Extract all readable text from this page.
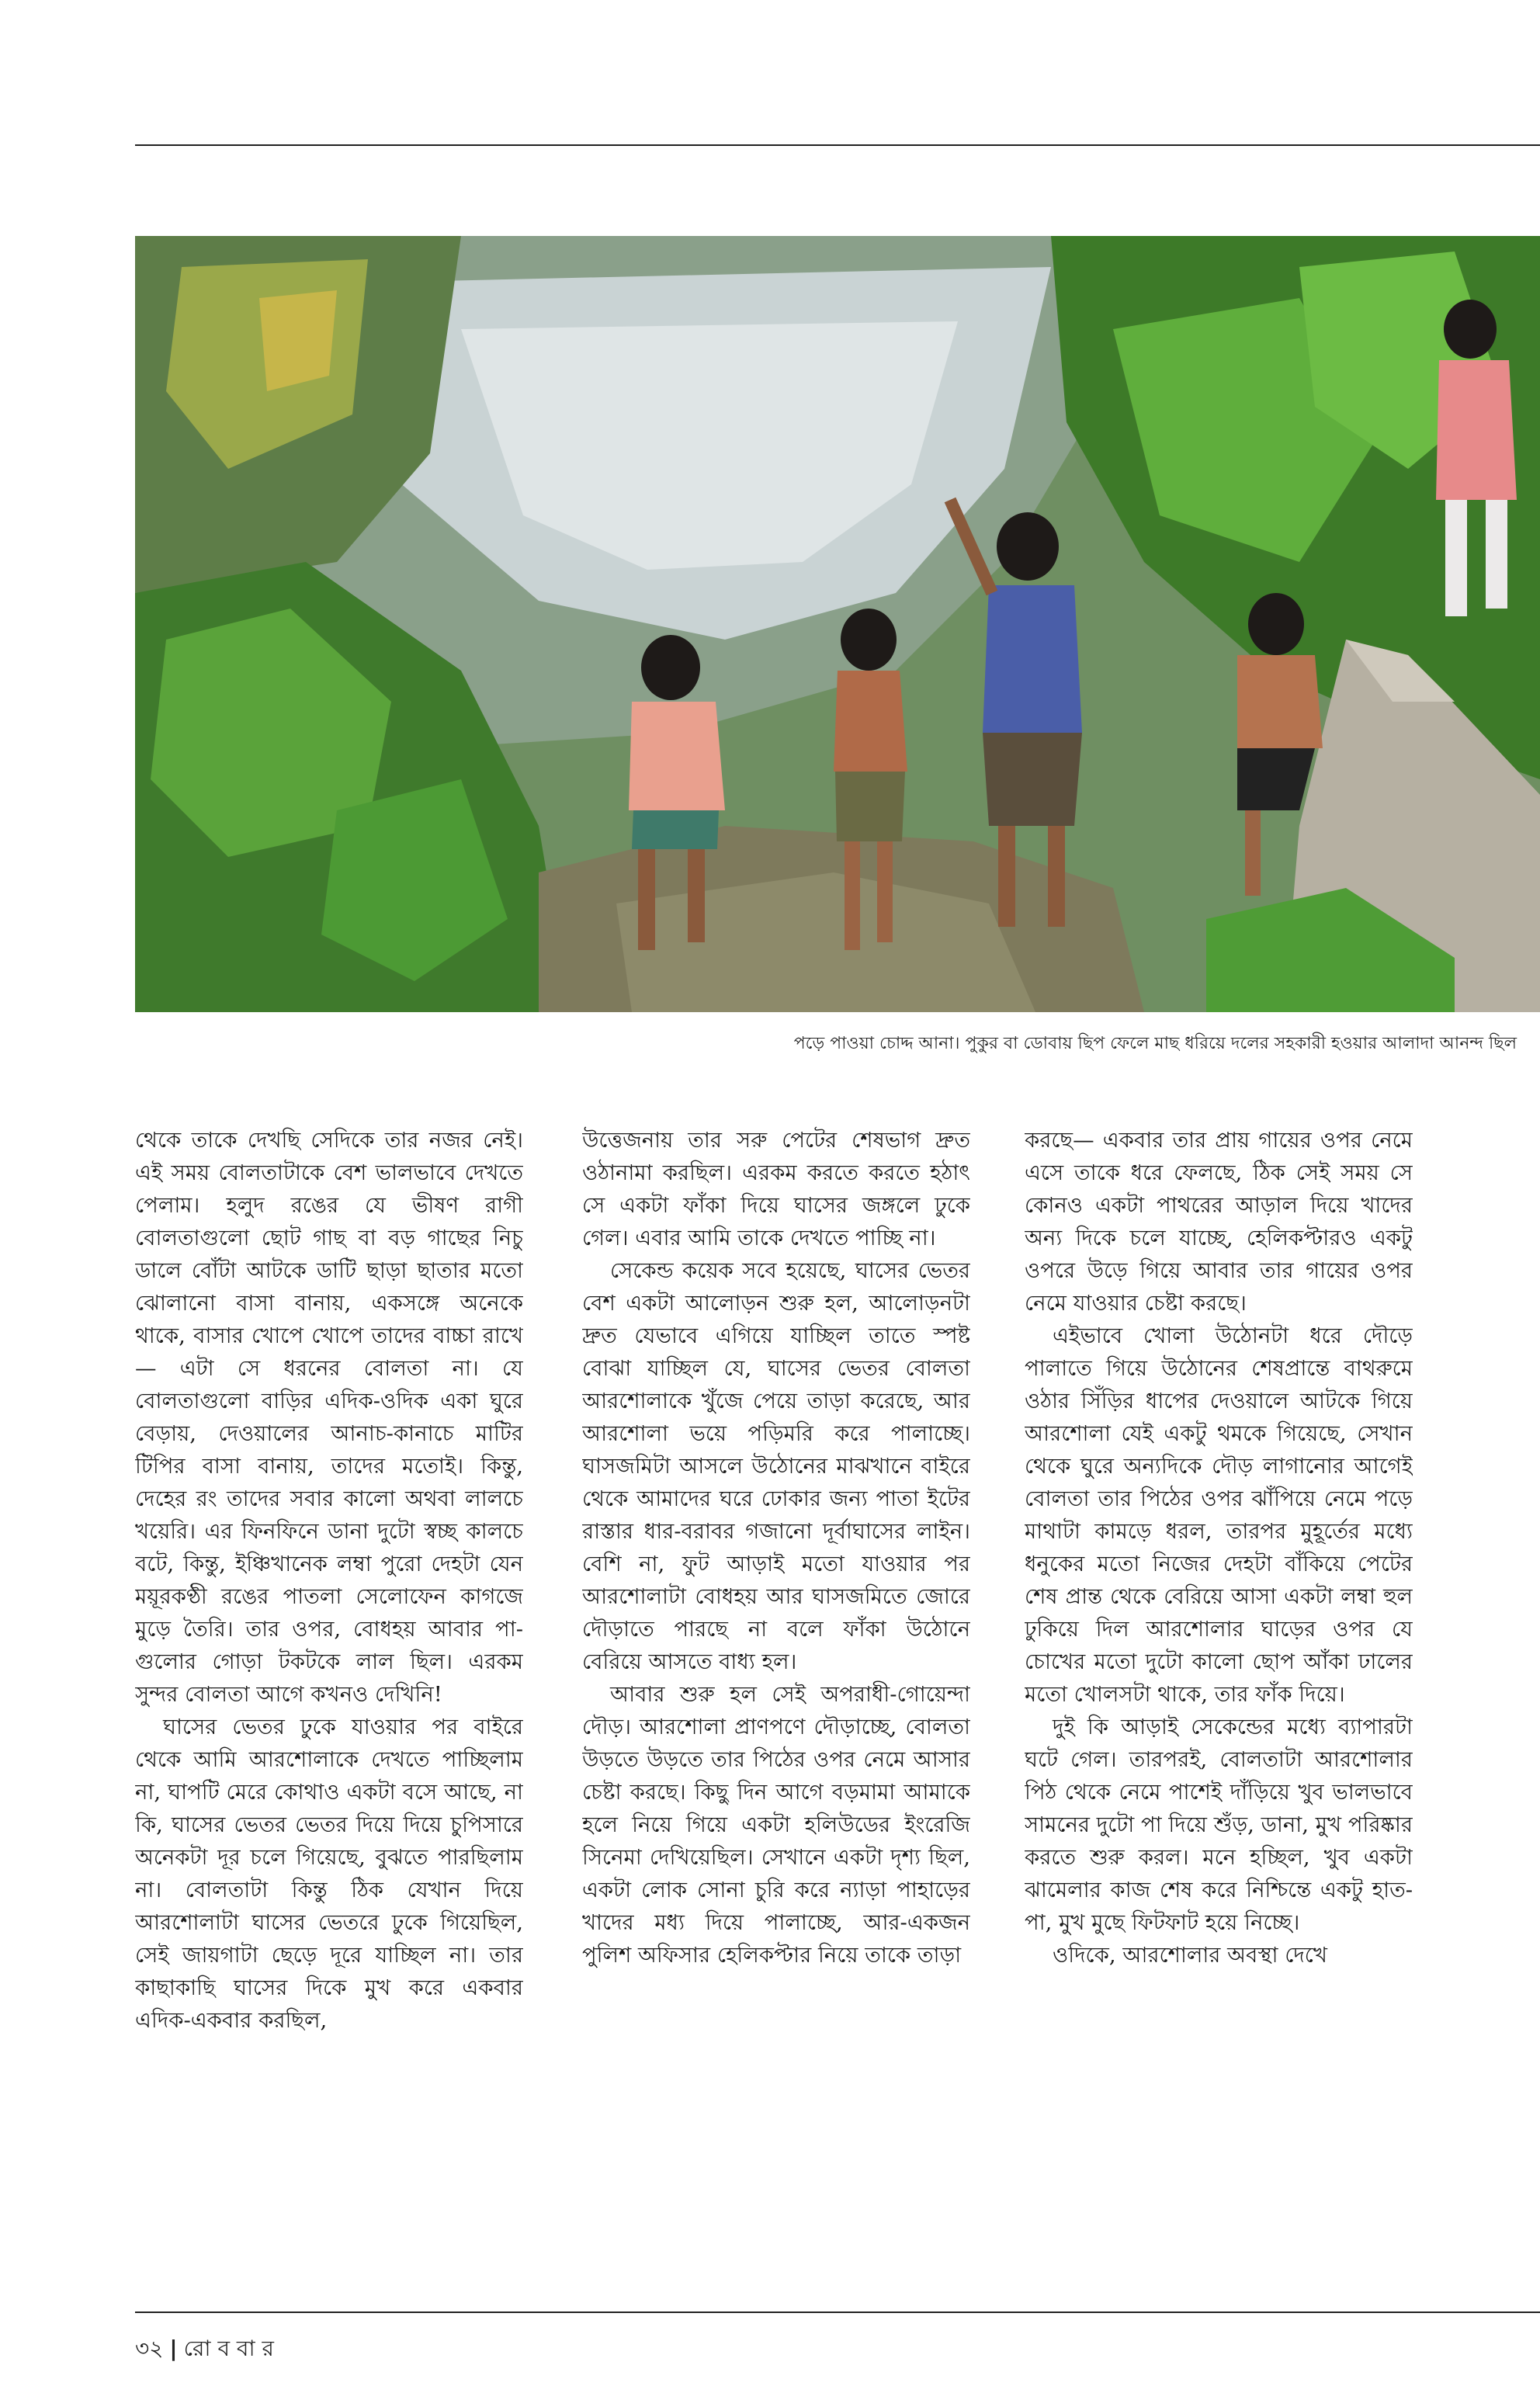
পড়ে পাওয়া চোদ্দ আনা। পুকুর বা ডোবায় ছিপ ফেলে মাছ ধরিয়ে দলের সহকারী হওয়ার আলাদা আনন্দ ছিল

থেকে তাকে দেখছি সেদিকে তার নজর নেই। এই সময় বোলতাটাকে বেশ ভালভাবে দেখতে পেলাম। হলুদ রঙের যে ভীষণ রাগী বোলতাগুলো ছোট গাছ বা বড় গাছের নিচু ডালে বোঁটা আটকে ডাটি ছাড়া ছাতার মতো ঝোলানো বাসা বানায়, একসঙ্গে অনেকে থাকে, বাসার খোপে খোপে তাদের বাচ্চা রাখে— এটা সে ধরনের বোলতা না। যে বোলতাগুলো বাড়ির এদিক-ওদিক একা ঘুরে বেড়ায়, দেওয়ালের আনাচ-কানাচে মাটির টিপির বাসা বানায়, তাদের মতোই। কিন্তু, দেহের রং তাদের সবার কালো অথবা লালচে খয়েরি। এর ফিনফিনে ডানা দুটো স্বচ্ছ কালচে বটে, কিন্তু, ইঞ্চিখানেক লম্বা পুরো দেহটা যেন ময়ূরকণ্ঠী রঙের পাতলা সেলোফেন কাগজে মুড়ে তৈরি। তার ওপর, বোধহয় আবার পা-গুলোর গোড়া টকটকে লাল ছিল। এরকম সুন্দর বোলতা আগে কখনও দেখিনি!

ঘাসের ভেতর ঢুকে যাওয়ার পর বাইরে থেকে আমি আরশোলাকে দেখতে পাচ্ছিলাম না, ঘাপটি মেরে কোথাও একটা বসে আছে, না কি, ঘাসের ভেতর ভেতর দিয়ে দিয়ে চুপিসারে অনেকটা দূর চলে গিয়েছে, বুঝতে পারছিলাম না। বোলতাটা কিন্তু ঠিক যেখান দিয়ে আরশোলাটা ঘাসের ভেতরে ঢুকে গিয়েছিল, সেই জায়গাটা ছেড়ে দূরে যাচ্ছিল না। তার কাছাকাছি ঘাসের দিকে মুখ করে একবার এদিক-একবার করছিল,

উত্তেজনায় তার সরু পেটের শেষভাগ দ্রুত ওঠানামা করছিল। এরকম করতে করতে হঠাৎ সে একটা ফাঁকা দিয়ে ঘাসের জঙ্গলে ঢুকে গেল। এবার আমি তাকে দেখতে পাচ্ছি না।

সেকেন্ড কয়েক সবে হয়েছে, ঘাসের ভেতর বেশ একটা আলোড়ন শুরু হল, আলোড়নটা দ্রুত যেভাবে এগিয়ে যাচ্ছিল তাতে স্পষ্ট বোঝা যাচ্ছিল যে, ঘাসের ভেতর বোলতা আরশোলাকে খুঁজে পেয়ে তাড়া করেছে, আর আরশোলা ভয়ে পড়িমরি করে পালাচ্ছে। ঘাসজমিটা আসলে উঠোনের মাঝখানে বাইরে থেকে আমাদের ঘরে ঢোকার জন্য পাতা ইটের রাস্তার ধার-বরাবর গজানো দূর্বাঘাসের লাইন। বেশি না, ফুট আড়াই মতো যাওয়ার পর আরশোলাটা বোধহয় আর ঘাসজমিতে জোরে দৌড়াতে পারছে না বলে ফাঁকা উঠোনে বেরিয়ে আসতে বাধ্য হল।

আবার শুরু হল সেই অপরাধী-গোয়েন্দা দৌড়। আরশোলা প্রাণপণে দৌড়াচ্ছে, বোলতা উড়তে উড়তে তার পিঠের ওপর নেমে আসার চেষ্টা করছে। কিছু দিন আগে বড়মামা আমাকে হলে নিয়ে গিয়ে একটা হলিউডের ইংরেজি সিনেমা দেখিয়েছিল। সেখানে একটা দৃশ্য ছিল, একটা লোক সোনা চুরি করে ন্যাড়া পাহাড়ের খাদের মধ্য দিয়ে পালাচ্ছে, আর-একজন পুলিশ অফিসার হেলিকপ্টার নিয়ে তাকে তাড়া

করছে— একবার তার প্রায় গায়ের ওপর নেমে এসে তাকে ধরে ফেলছে, ঠিক সেই সময় সে কোনও একটা পাথরের আড়াল দিয়ে খাদের অন্য দিকে চলে যাচ্ছে, হেলিকপ্টারও একটু ওপরে উড়ে গিয়ে আবার তার গায়ের ওপর নেমে যাওয়ার চেষ্টা করছে।

এইভাবে খোলা উঠোনটা ধরে দৌড়ে পালাতে গিয়ে উঠোনের শেষপ্রান্তে বাথরুমে ওঠার সিঁড়ির ধাপের দেওয়ালে আটকে গিয়ে আরশোলা যেই একটু থমকে গিয়েছে, সেখান থেকে ঘুরে অন্যদিকে দৌড় লাগানোর আগেই বোলতা তার পিঠের ওপর ঝাঁপিয়ে নেমে পড়ে মাথাটা কামড়ে ধরল, তারপর মুহূর্তের মধ্যে ধনুকের মতো নিজের দেহটা বাঁকিয়ে পেটের শেষ প্রান্ত থেকে বেরিয়ে আসা একটা লম্বা হুল ঢুকিয়ে দিল আরশোলার ঘাড়ের ওপর যে চোখের মতো দুটো কালো ছোপ আঁকা ঢালের মতো খোলসটা থাকে, তার ফাঁক দিয়ে।

দুই কি আড়াই সেকেন্ডের মধ্যে ব্যাপারটা ঘটে গেল। তারপরই, বোলতাটা আরশোলার পিঠ থেকে নেমে পাশেই দাঁড়িয়ে খুব ভালভাবে সামনের দুটো পা দিয়ে শুঁড়, ডানা, মুখ পরিষ্কার করতে শুরু করল। মনে হচ্ছিল, খুব একটা ঝামেলার কাজ শেষ করে নিশ্চিন্তে একটু হাত-পা, মুখ মুছে ফিটফাট হয়ে নিচ্ছে।

ওদিকে, আরশোলার অবস্থা দেখে

৩২ | রো ব বা র
